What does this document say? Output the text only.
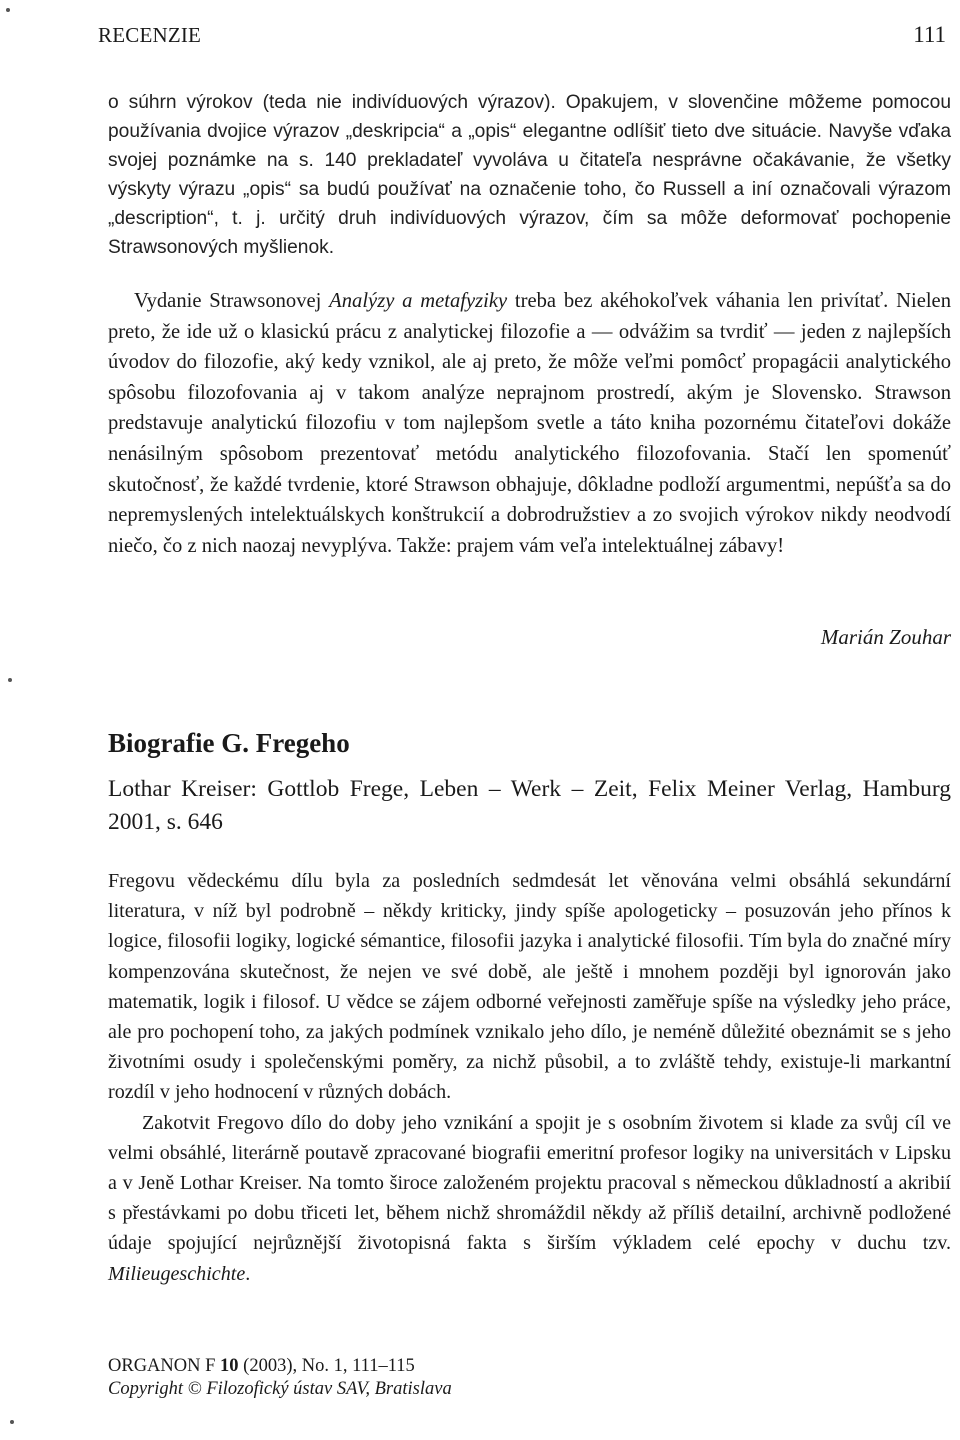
RECENZIE	111

o súhrn výrokov (teda nie indivíduových výrazov). Opakujem, v slovenčine môžeme pomocou používania dvojice výrazov „deskripcia“ a „opis“ elegantne odlíšiť tieto dve situácie. Navyše vďaka svojej poznámke na s. 140 prekladateľ vyvoláva u čitateľa nesprávne očakávanie, že všetky výskyty výrazu „opis“ sa budú používať na označenie toho, čo Russell a iní označovali výrazom „description“, t. j. určitý druh indivíduových výrazov, čím sa môže deformovať pochopenie Strawsonových myšlienok.

Vydanie Strawsonovej Analýzy a metafyziky treba bez akéhokoľvek váhania len privítať. Nielen preto, že ide už o klasickú prácu z analytickej filozofie a — odvážim sa tvrdiť — jeden z najlepších úvodov do filozofie, aký kedy vznikol, ale aj preto, že môže veľmi pomôcť propagácii analytického spôsobu filozofovania aj v takom analýze neprajnom prostredí, akým je Slovensko. Strawson predstavuje analytickú filozofiu v tom najlepšom svetle a táto kniha pozornému čitateľovi dokáže nenásilným spôsobom prezentovať metódu analytického filozofovania. Stačí len spomenúť skutočnosť, že každé tvrdenie, ktoré Strawson obhajuje, dôkladne podloží argumentmi, nepúšťa sa do nepremyslených intelektuálskych konštrukcií a dobrodružstiev a zo svojich výrokov nikdy neodvodí niečo, čo z nich naozaj nevyplýva. Takže: prajem vám veľa intelektuálnej zábavy!

Marián Zouhar
Biografie G. Fregeho
Lothar Kreiser: Gottlob Frege, Leben – Werk – Zeit, Felix Meiner Verlag, Hamburg 2001, s. 646

Fregovu vědeckému dílu byla za posledních sedmdesát let věnována velmi obsáhlá sekundární literatura, v níž byl podrobně – někdy kriticky, jindy spíše apologeticky – posuzován jeho přínos k logice, filosofii logiky, logické sémantice, filosofii jazyka i analytické filosofii. Tím byla do značné míry kompenzována skutečnost, že nejen ve své době, ale ještě i mnohem později byl ignorován jako matematik, logik i filosof. U vědce se zájem odborné veřejnosti zaměřuje spíše na výsledky jeho práce, ale pro pochopení toho, za jakých podmínek vznikalo jeho dílo, je neméně důležité obeznámit se s jeho životními osudy i společenskými poměry, za nichž působil, a to zvláště tehdy, existuje-li markantní rozdíl v jeho hodnocení v různých dobách.

Zakotvit Fregovo dílo do doby jeho vznikání a spojit je s osobním životem si klade za svůj cíl ve velmi obsáhlé, literárně poutavě zpracované biografii emeritní profesor logiky na universitách v Lipsku a v Jeně Lothar Kreiser. Na tomto široce založeném projektu pracoval s německou důkladností a akribií s přestávkami po dobu třiceti let, během nichž shromáždil někdy až příliš detailní, archivně podložené údaje spojující nejrůznější životopisná fakta s širším výkladem celé epochy v duchu tzv. Milieugeschichte.

ORGANON F 10 (2003), No. 1, 111–115
Copyright © Filozofický ústav SAV, Bratislava
